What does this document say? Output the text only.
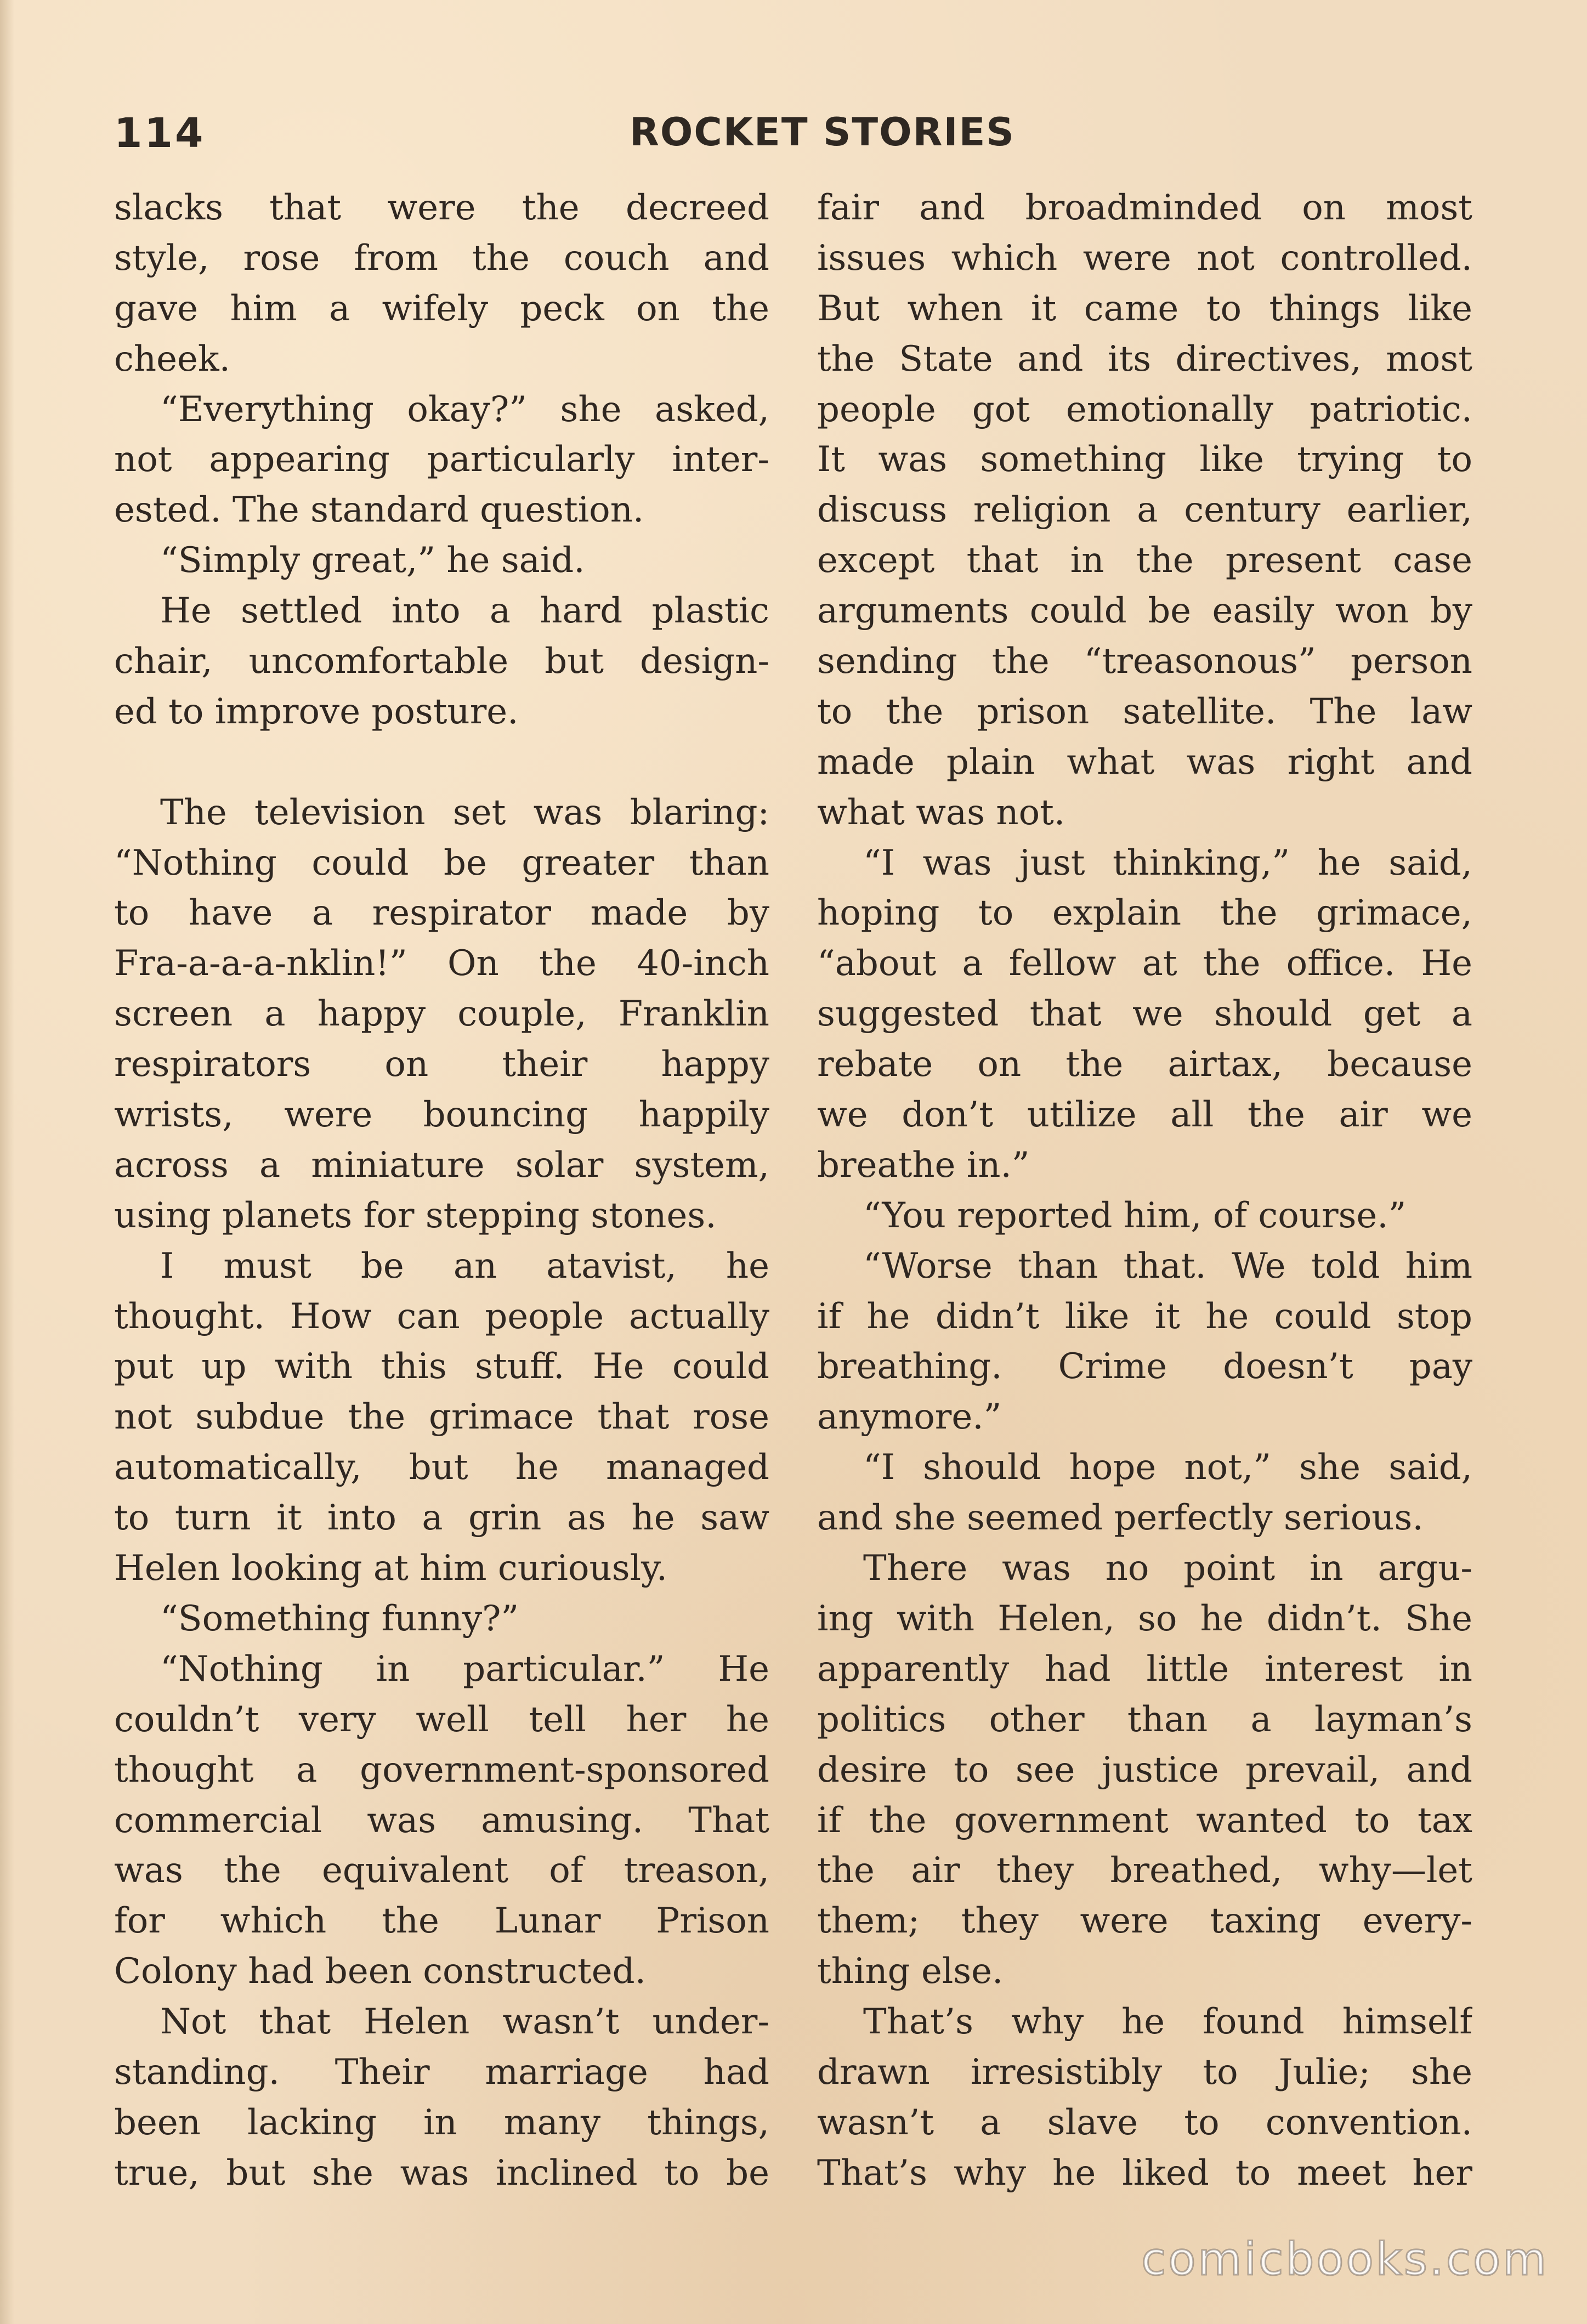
114	ROCKET STORIES
slacks that were the decreed
style, rose from the couch and
gave him a wifely peck on the
cheek.
“Everything okay?” she asked,
not appearing particularly inter-
ested. The standard question.
“Simply great,” he said.
He settled into a hard plastic
chair, uncomfortable but design-
ed to improve posture.
The television set was blaring:
“Nothing could be greater than
to have a respirator made by
Fra-a-a-a-nklin!” On the 40-inch
screen a happy couple, Franklin
respirators on their happy
wrists, were bouncing happily
across a miniature solar system,
using planets for stepping stones.
I must be an atavist, he
thought. How can people actually
put up with this stuff. He could
not subdue the grimace that rose
automatically, but he managed
to turn it into a grin as he saw
Helen looking at him curiously.
“Something funny?”
“Nothing in particular.” He
couldn’t very well tell her he
thought a government-sponsored
commercial was amusing. That
was the equivalent of treason,
for which the Lunar Prison
Colony had been constructed.
Not that Helen wasn’t under-
standing. Their marriage had
been lacking in many things,
true, but she was inclined to be
fair and broadminded on most
issues which were not controlled.
But when it came to things like
the State and its directives, most
people got emotionally patriotic.
It was something like trying to
discuss religion a century earlier,
except that in the present case
arguments could be easily won by
sending the “treasonous” person
to the prison satellite. The law
made plain what was right and
what was not.
“I was just thinking,” he said,
hoping to explain the grimace,
“about a fellow at the office. He
suggested that we should get a
rebate on the airtax, because
we don’t utilize all the air we
breathe in.”
“You reported him, of course.”
“Worse than that. We told him
if he didn’t like it he could stop
breathing. Crime doesn’t pay
anymore.”
“I should hope not,” she said,
and she seemed perfectly serious.
There was no point in argu-
ing with Helen, so he didn’t. She
apparently had little interest in
politics other than a layman’s
desire to see justice prevail, and
if the government wanted to tax
the air they breathed, why—let
them; they were taxing every-
thing else.
That’s why he found himself
drawn irresistibly to Julie; she
wasn’t a slave to convention.
That’s why he liked to meet her
comicbooks.com
